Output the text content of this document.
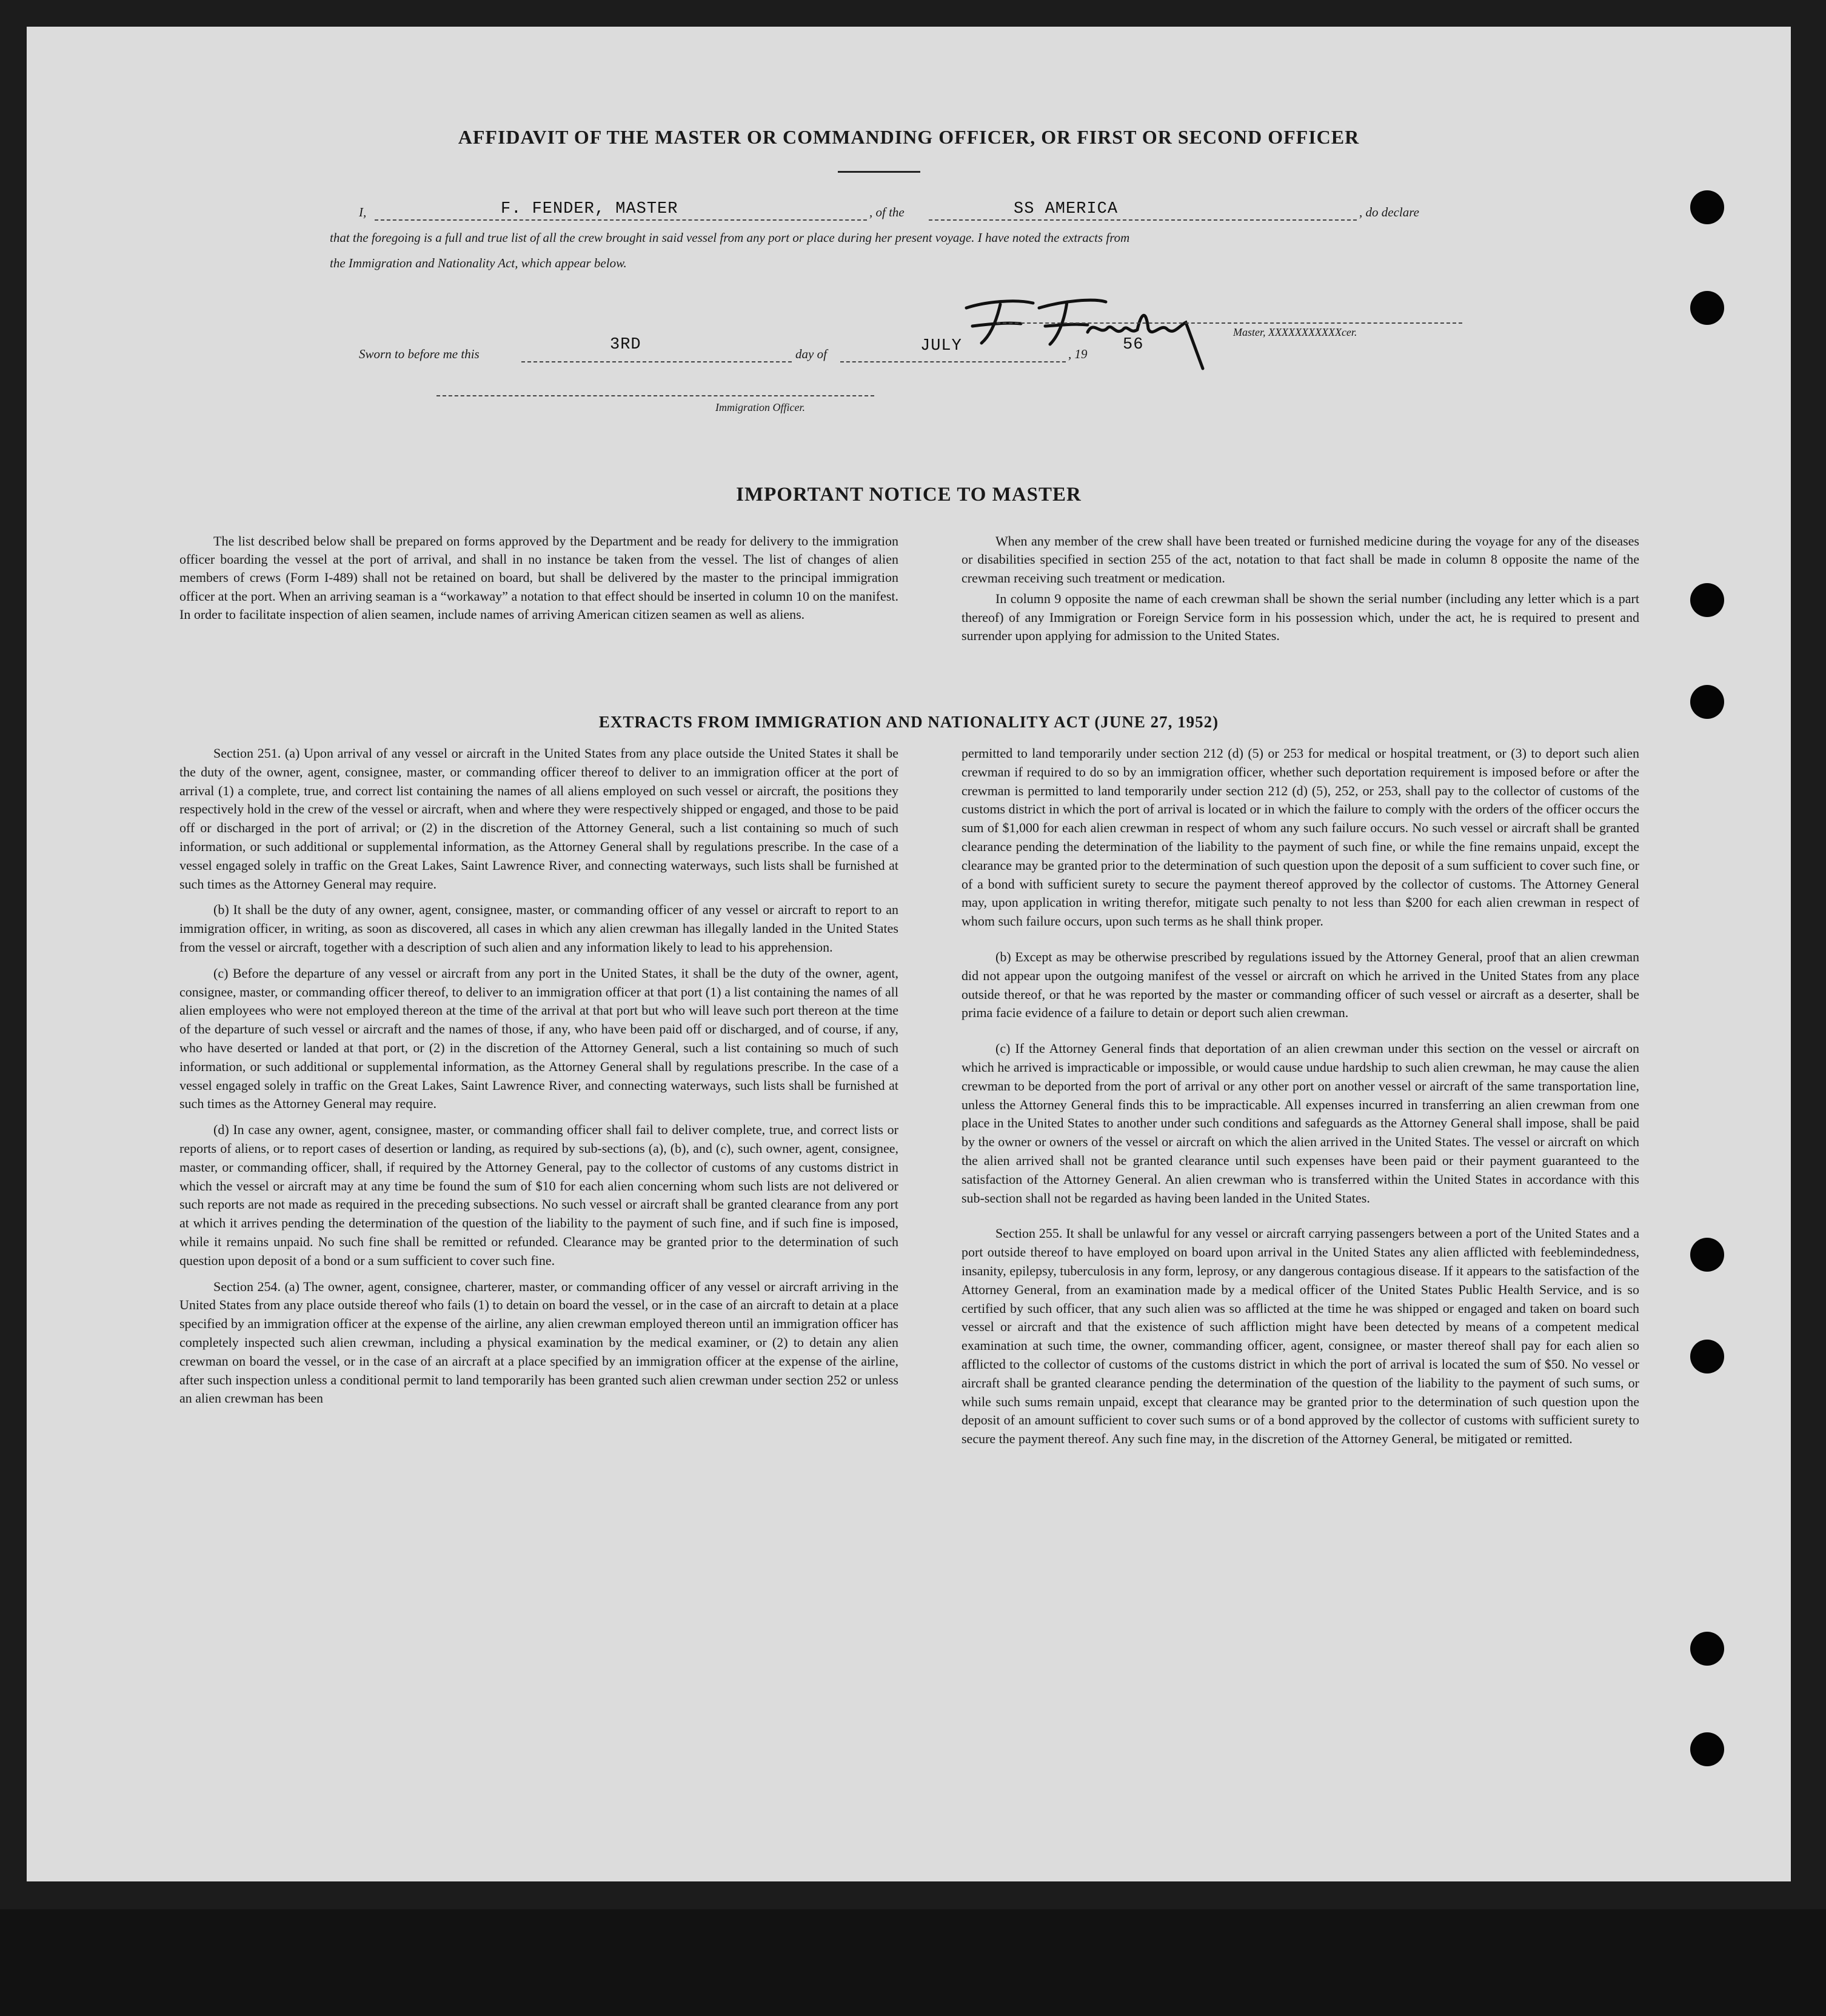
AFFIDAVIT OF THE MASTER OR COMMANDING OFFICER, OR FIRST OR SECOND OFFICER
I,	F. FENDER, MASTER	, of the	SS AMERICA	, do declare
that the foregoing is a full and true list of all the crew brought in said vessel from any port or place during her present voyage. I have noted the extracts from
the Immigration and Nationality Act, which appear below.
Master, XXXXXXXXXXXcer.
Sworn to before me this	3RD	day of	JULY	, 19 56
Immigration Officer.
IMPORTANT NOTICE TO MASTER

The list described below shall be prepared on forms approved by the Department and be ready for delivery to the immigration officer boarding the vessel at the port of arrival, and shall in no instance be taken from the vessel. The list of changes of alien members of crews (Form I-489) shall not be retained on board, but shall be delivered by the master to the principal immigration officer at the port. When an arriving seaman is a “workaway” a notation to that effect should be inserted in column 10 on the manifest. In order to facilitate inspection of alien seamen, include names of arriving American citizen seamen as well as aliens.

When any member of the crew shall have been treated or furnished medicine during the voyage for any of the diseases or disabilities specified in section 255 of the act, notation to that fact shall be made in column 8 opposite the name of the crewman receiving such treatment or medication.

In column 9 opposite the name of each crewman shall be shown the serial number (including any letter which is a part thereof) of any Immigration or Foreign Service form in his possession which, under the act, he is required to present and surrender upon applying for admission to the United States.

EXTRACTS FROM IMMIGRATION AND NATIONALITY ACT (JUNE 27, 1952)

Section 251. (a) Upon arrival of any vessel or aircraft in the United States from any place outside the United States it shall be the duty of the owner, agent, consignee, master, or commanding officer thereof to deliver to an immigration officer at the port of arrival (1) a complete, true, and correct list containing the names of all aliens employed on such vessel or aircraft, the positions they respectively hold in the crew of the vessel or aircraft, when and where they were respectively shipped or engaged, and those to be paid off or discharged in the port of arrival; or (2) in the discretion of the Attorney General, such a list containing so much of such information, or such additional or supplemental information, as the Attorney General shall by regulations prescribe. In the case of a vessel engaged solely in traffic on the Great Lakes, Saint Lawrence River, and connecting waterways, such lists shall be furnished at such times as the Attorney General may require.

(b) It shall be the duty of any owner, agent, consignee, master, or commanding officer of any vessel or aircraft to report to an immigration officer, in writing, as soon as discovered, all cases in which any alien crewman has illegally landed in the United States from the vessel or aircraft, together with a description of such alien and any information likely to lead to his apprehension.

(c) Before the departure of any vessel or aircraft from any port in the United States, it shall be the duty of the owner, agent, consignee, master, or commanding officer thereof, to deliver to an immigration officer at that port (1) a list containing the names of all alien employees who were not employed thereon at the time of the arrival at that port but who will leave such port thereon at the time of the departure of such vessel or aircraft and the names of those, if any, who have been paid off or discharged, and of course, if any, who have deserted or landed at that port, or (2) in the discretion of the Attorney General, such a list containing so much of such information, or such additional or supplemental information, as the Attorney General shall by regulations prescribe. In the case of a vessel engaged solely in traffic on the Great Lakes, Saint Lawrence River, and connecting waterways, such lists shall be furnished at such times as the Attorney General may require.

(d) In case any owner, agent, consignee, master, or commanding officer shall fail to deliver complete, true, and correct lists or reports of aliens, or to report cases of desertion or landing, as required by sub-sections (a), (b), and (c), such owner, agent, consignee, master, or commanding officer, shall, if required by the Attorney General, pay to the collector of customs of any customs district in which the vessel or aircraft may at any time be found the sum of $10 for each alien concerning whom such lists are not delivered or such reports are not made as required in the preceding subsections. No such vessel or aircraft shall be granted clearance from any port at which it arrives pending the determination of the question of the liability to the payment of such fine, and if such fine is imposed, while it remains unpaid. No such fine shall be remitted or refunded. Clearance may be granted prior to the determination of such question upon deposit of a bond or a sum sufficient to cover such fine.

Section 254. (a) The owner, agent, consignee, charterer, master, or commanding officer of any vessel or aircraft arriving in the United States from any place outside thereof who fails (1) to detain on board the vessel, or in the case of an aircraft to detain at a place specified by an immigration officer at the expense of the airline, any alien crewman employed thereon until an immigration officer has completely inspected such alien crewman, including a physical examination by the medical examiner, or (2) to detain any alien crewman on board the vessel, or in the case of an aircraft at a place specified by an immigration officer at the expense of the airline, after such inspection unless a conditional permit to land temporarily has been granted such alien crewman under section 252 or unless an alien crewman has been

permitted to land temporarily under section 212 (d) (5) or 253 for medical or hospital treatment, or (3) to deport such alien crewman if required to do so by an immigration officer, whether such deportation requirement is imposed before or after the crewman is permitted to land temporarily under section 212 (d) (5), 252, or 253, shall pay to the collector of customs of the customs district in which the port of arrival is located or in which the failure to comply with the orders of the officer occurs the sum of $1,000 for each alien crewman in respect of whom any such failure occurs. No such vessel or aircraft shall be granted clearance pending the determination of the liability to the payment of such fine, or while the fine remains unpaid, except the clearance may be granted prior to the determination of such question upon the deposit of a sum sufficient to cover such fine, or of a bond with sufficient surety to secure the payment thereof approved by the collector of customs. The Attorney General may, upon application in writing therefor, mitigate such penalty to not less than $200 for each alien crewman in respect of whom such failure occurs, upon such terms as he shall think proper.

(b) Except as may be otherwise prescribed by regulations issued by the Attorney General, proof that an alien crewman did not appear upon the outgoing manifest of the vessel or aircraft on which he arrived in the United States from any place outside thereof, or that he was reported by the master or commanding officer of such vessel or aircraft as a deserter, shall be prima facie evidence of a failure to detain or deport such alien crewman.

(c) If the Attorney General finds that deportation of an alien crewman under this section on the vessel or aircraft on which he arrived is impracticable or impossible, or would cause undue hardship to such alien crewman, he may cause the alien crewman to be deported from the port of arrival or any other port on another vessel or aircraft of the same transportation line, unless the Attorney General finds this to be impracticable. All expenses incurred in transferring an alien crewman from one place in the United States to another under such conditions and safeguards as the Attorney General shall impose, shall be paid by the owner or owners of the vessel or aircraft on which the alien arrived in the United States. The vessel or aircraft on which the alien arrived shall not be granted clearance until such expenses have been paid or their payment guaranteed to the satisfaction of the Attorney General. An alien crewman who is transferred within the United States in accordance with this sub-section shall not be regarded as having been landed in the United States.

Section 255. It shall be unlawful for any vessel or aircraft carrying passengers between a port of the United States and a port outside thereof to have employed on board upon arrival in the United States any alien afflicted with feeblemindedness, insanity, epilepsy, tuberculosis in any form, leprosy, or any dangerous contagious disease. If it appears to the satisfaction of the Attorney General, from an examination made by a medical officer of the United States Public Health Service, and is so certified by such officer, that any such alien was so afflicted at the time he was shipped or engaged and taken on board such vessel or aircraft and that the existence of such affliction might have been detected by means of a competent medical examination at such time, the owner, commanding officer, agent, consignee, or master thereof shall pay for each alien so afflicted to the collector of customs of the customs district in which the port of arrival is located the sum of $50. No vessel or aircraft shall be granted clearance pending the determination of the question of the liability to the payment of such sums, or while such sums remain unpaid, except that clearance may be granted prior to the determination of such question upon the deposit of an amount sufficient to cover such sums or of a bond approved by the collector of customs with sufficient surety to secure the payment thereof. Any such fine may, in the discretion of the Attorney General, be mitigated or remitted.
